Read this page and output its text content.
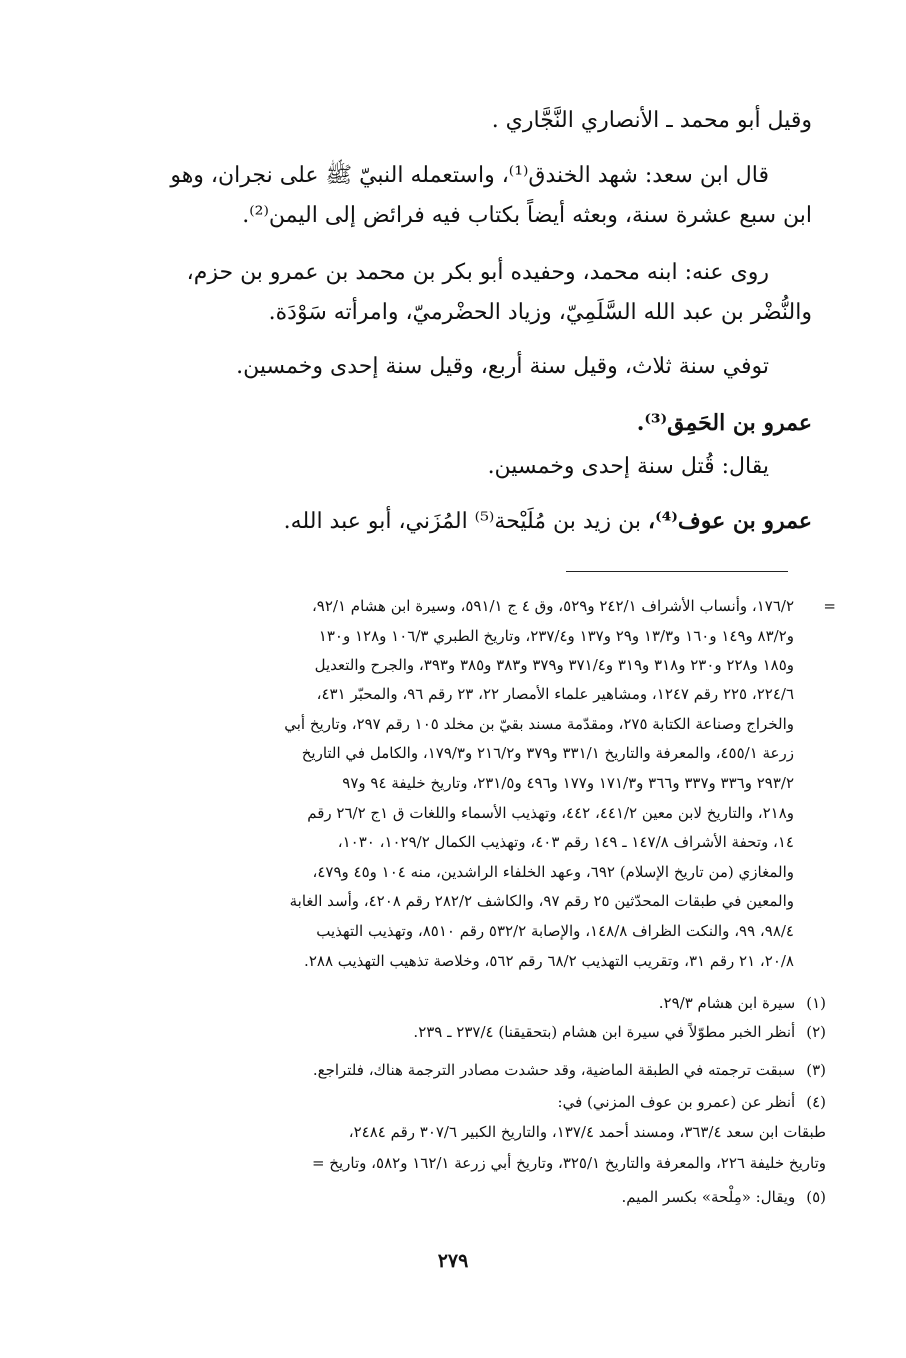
وقيل أبو محمد ـ الأنصاري النَّجَّاري .
قال ابن سعد: شهد الخندق⁽¹⁾، واستعمله النبيّ ﷺ على نجران، وهو
ابن سبع عشرة سنة، وبعثه أيضاً بكتاب فيه فرائض إلى اليمن⁽²⁾.
روى عنه: ابنه محمد، وحفيده أبو بكر بن محمد بن عمرو بن حزم،
والنُّضْر بن عبد الله السَّلَمِيّ، وزياد الحضْرميّ، وامرأته سَوْدَة.
توفي سنة ثلاث، وقيل سنة أربع، وقيل سنة إحدى وخمسين.
عمرو بن الحَمِق⁽³⁾.
يقال: قُتل سنة إحدى وخمسين.
عمرو بن عوف⁽⁴⁾، بن زيد بن مُلَيْحة⁽⁵⁾ المُزَني، أبو عبد الله.
=
١٧٦/٢، وأنساب الأشراف ٢٤٢/١ و٥٢٩، وق ٤ ج ٥٩١/١، وسيرة ابن هشام ٩٢/١،
و٨٣/٢ و١٤٩ و١٦٠ و١٣/٣ و٢٩ و١٣٧ و٢٣٧/٤، وتاريخ الطبري ١٠٦/٣ و١٢٨ و١٣٠
و١٨٥ و٢٢٨ و٢٣٠ و٣١٨ و٣١٩ و٣٧١/٤ و٣٧٩ و٣٨٣ و٣٨٥ و٣٩٣، والجرح والتعديل
٢٢٤/٦، ٢٢٥ رقم ١٢٤٧، ومشاهير علماء الأمصار ٢٢، ٢٣ رقم ٩٦، والمحبّر ٤٣١،
والخراج وصناعة الكتابة ٢٧٥، ومقدّمة مسند بقيّ بن مخلد ١٠٥ رقم ٢٩٧، وتاريخ أبي
زرعة ٤٥٥/١، والمعرفة والتاريخ ٣٣١/١ و٣٧٩ و٢١٦/٢ و١٧٩/٣، والكامل في التاريخ
٢٩٣/٢ و٣٣٦ و٣٣٧ و٣٦٦ و١٧١/٣ و١٧٧ و٤٩٦ و٢٣١/٥، وتاريخ خليفة ٩٤ و٩٧
و٢١٨، والتاريخ لابن معين ٤٤١/٢، ٤٤٢، وتهذيب الأسماء واللغات ق ١ج ٢٦/٢ رقم
١٤، وتحفة الأشراف ١٤٧/٨ ـ ١٤٩ رقم ٤٠٣، وتهذيب الكمال ١٠٢٩/٢، ١٠٣٠،
والمغازي (من تاريخ الإسلام) ٦٩٢، وعهد الخلفاء الراشدين، منه ١٠٤ و٤٥ و٤٧٩،
والمعين في طبقات المحدّثين ٢٥ رقم ٩٧، والكاشف ٢٨٢/٢ رقم ٤٢٠٨، وأسد الغابة
٩٨/٤، ٩٩، والنكت الظراف ١٤٨/٨، والإصابة ٥٣٢/٢ رقم ٨٥١٠، وتهذيب التهذيب
٢٠/٨، ٢١ رقم ٣١، وتقريب التهذيب ٦٨/٢ رقم ٥٦٢، وخلاصة تذهيب التهذيب ٢٨٨.
(١) سيرة ابن هشام ٢٩/٣.
(٢) أنظر الخبر مطوّلاً في سيرة ابن هشام (بتحقيقنا) ٢٣٧/٤ ـ ٢٣٩.
(٣) سبقت ترجمته في الطبقة الماضية، وقد حشدت مصادر الترجمة هناك، فلتراجع.
(٤) أنظر عن (عمرو بن عوف المزني) في:
طبقات ابن سعد ٣٦٣/٤، ومسند أحمد ١٣٧/٤، والتاريخ الكبير ٣٠٧/٦ رقم ٢٤٨٤،
وتاريخ خليفة ٢٢٦، والمعرفة والتاريخ ٣٢٥/١، وتاريخ أبي زرعة ١٦٢/١ و٥٨٢، وتاريخ =
(٥) ويقال: «مِلْحة» بكسر الميم.
٢٧٩
